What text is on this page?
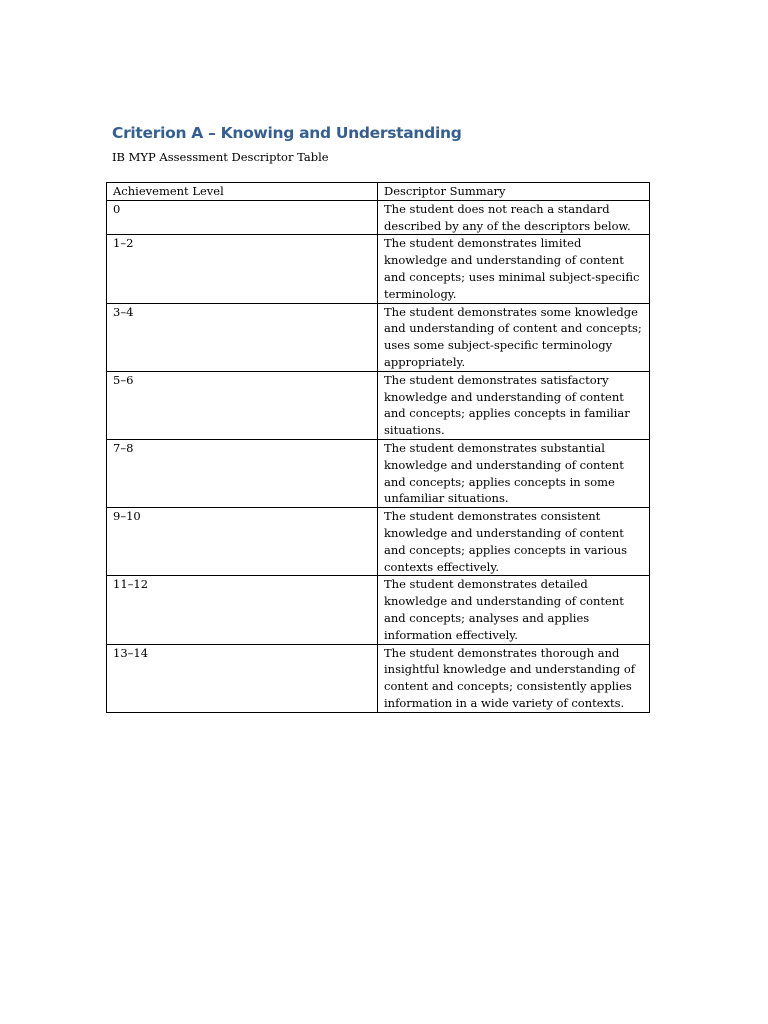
Criterion A – Knowing and Understanding

IB MYP Assessment Descriptor Table

Achievement Level	Descriptor Summary
0	The student does not reach a standard described by any of the descriptors below.
1–2	The student demonstrates limited knowledge and understanding of content and concepts; uses minimal subject-specific terminology.
3–4	The student demonstrates some knowledge and understanding of content and concepts; uses some subject-specific terminology appropriately.
5–6	The student demonstrates satisfactory knowledge and understanding of content and concepts; applies concepts in familiar situations.
7–8	The student demonstrates substantial knowledge and understanding of content and concepts; applies concepts in some unfamiliar situations.
9–10	The student demonstrates consistent knowledge and understanding of content and concepts; applies concepts in various contexts effectively.
11–12	The student demonstrates detailed knowledge and understanding of content and concepts; analyses and applies information effectively.
13–14	The student demonstrates thorough and insightful knowledge and understanding of content and concepts; consistently applies information in a wide variety of contexts.
